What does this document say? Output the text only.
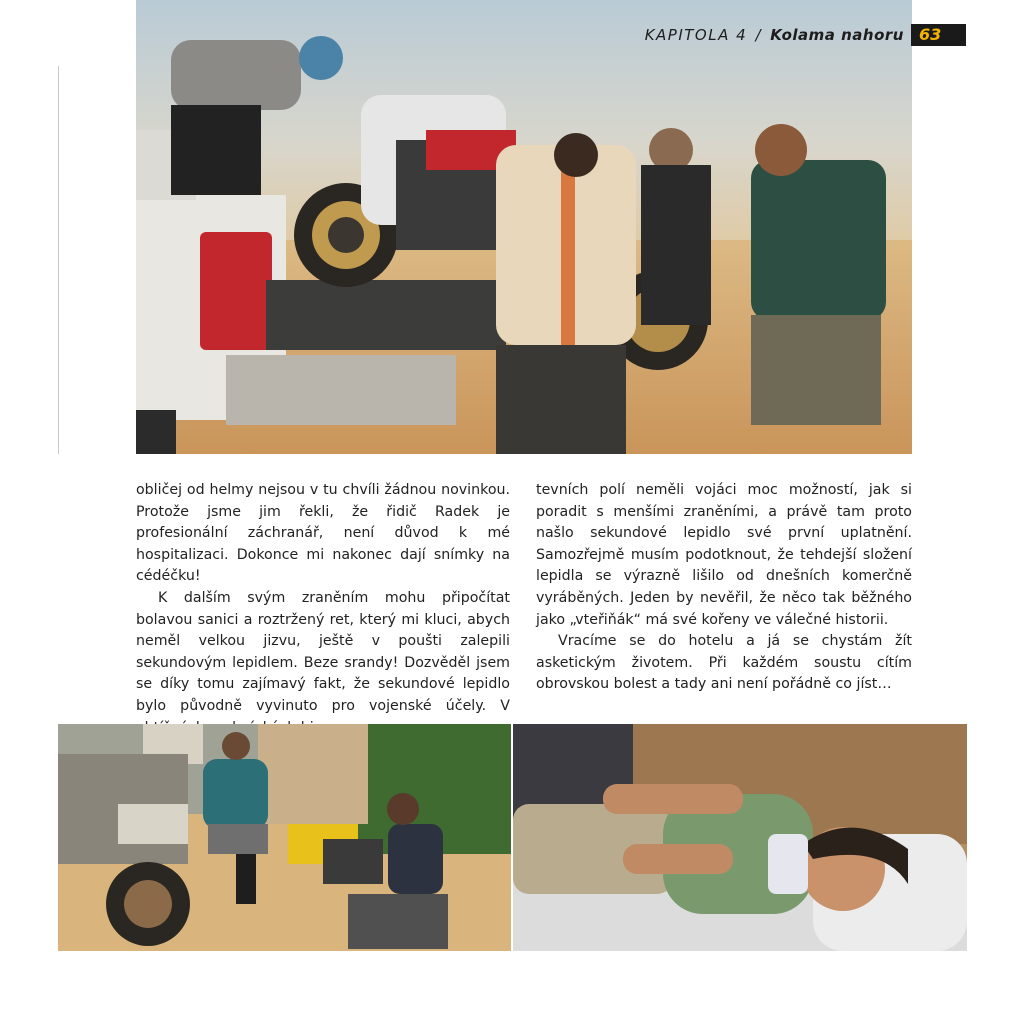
KAPITOLA 4 / Kolama nahoru 63

obličej od helmy nejsou v tu chvíli žádnou novinkou. Protože jsme jim řekli, že řidič Radek je profesionální záchranář, není důvod k mé hospitalizaci. Dokonce mi nakonec dají snímky na cédéčku!

K dalším svým zraněním mohu připočítat bolavou sanici a roztržený ret, který mi kluci, abych neměl velkou jizvu, ještě v poušti zalepili sekundovým lepidlem. Beze srandy! Dozvěděl jsem se díky tomu zajímavý fakt, že sekundové lepidlo bylo původně vyvinuto pro vojenské účely. V

tevních polí neměli vojáci moc možností, jak si poradit s menšími zraněními, a právě tam proto našlo sekundové lepidlo své první uplatnění. Samozřejmě musím podotknout, že tehdejší složení lepidla se výrazně lišilo od dnešních komerčně vyráběných. Jeden by nevěřil, že něco tak běžného jako „vteřiňák“ má své kořeny ve válečné historii.

Vracíme se do hotelu a já se chystám žít asketickým životem. Při každém soustu cítím obrovskou bolest a tady ani není pořádně co jíst…
